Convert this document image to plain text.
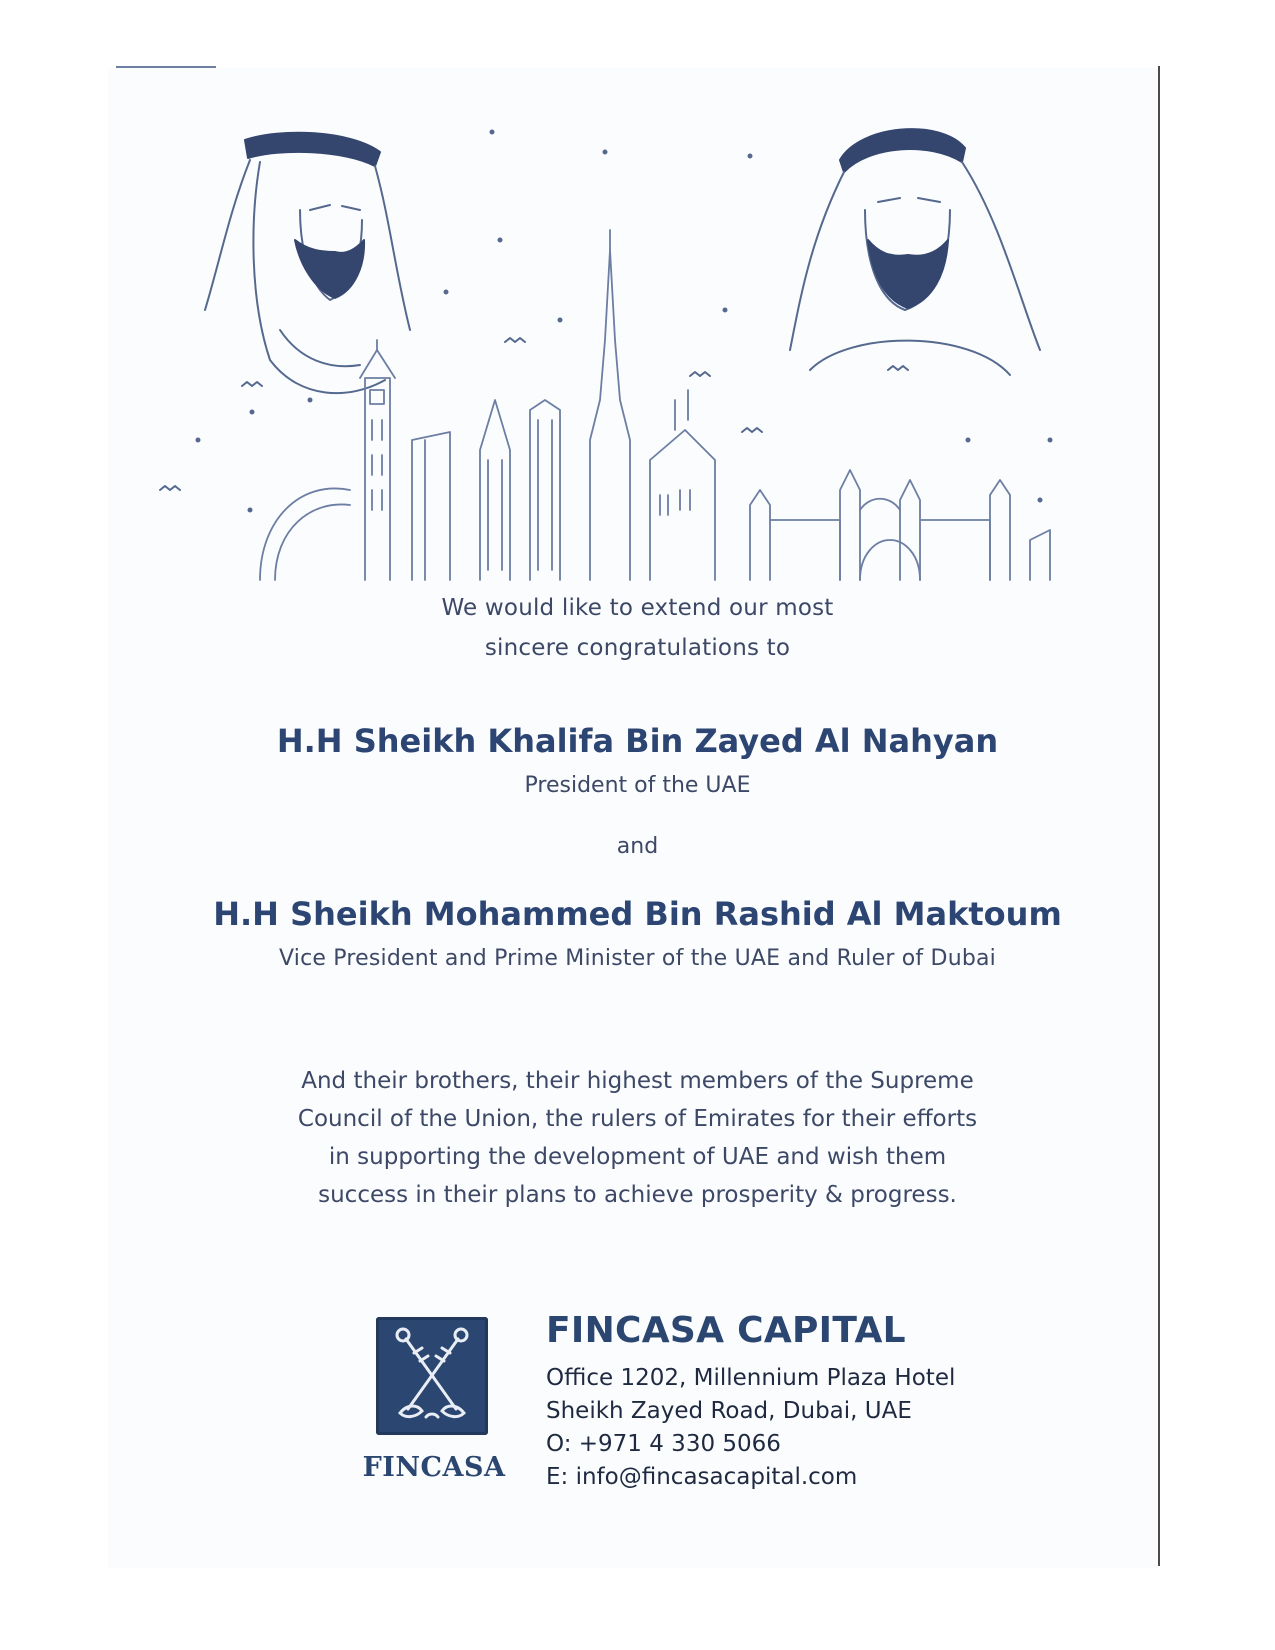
We would like to extend our most
sincere congratulations to
H.H Sheikh Khalifa Bin Zayed Al Nahyan
President of the UAE
and
H.H Sheikh Mohammed Bin Rashid Al Maktoum
Vice President and Prime Minister of the UAE and Ruler of Dubai
And their brothers, their highest members of the Supreme
Council of the Union, the rulers of Emirates for their efforts
in supporting the development of UAE and wish them
success in their plans to achieve prosperity & progress.
FINCASA
FINCASA CAPITAL
Office 1202, Millennium Plaza Hotel
Sheikh Zayed Road, Dubai, UAE
O: +971 4 330 5066
E: info@fincasacapital.com
